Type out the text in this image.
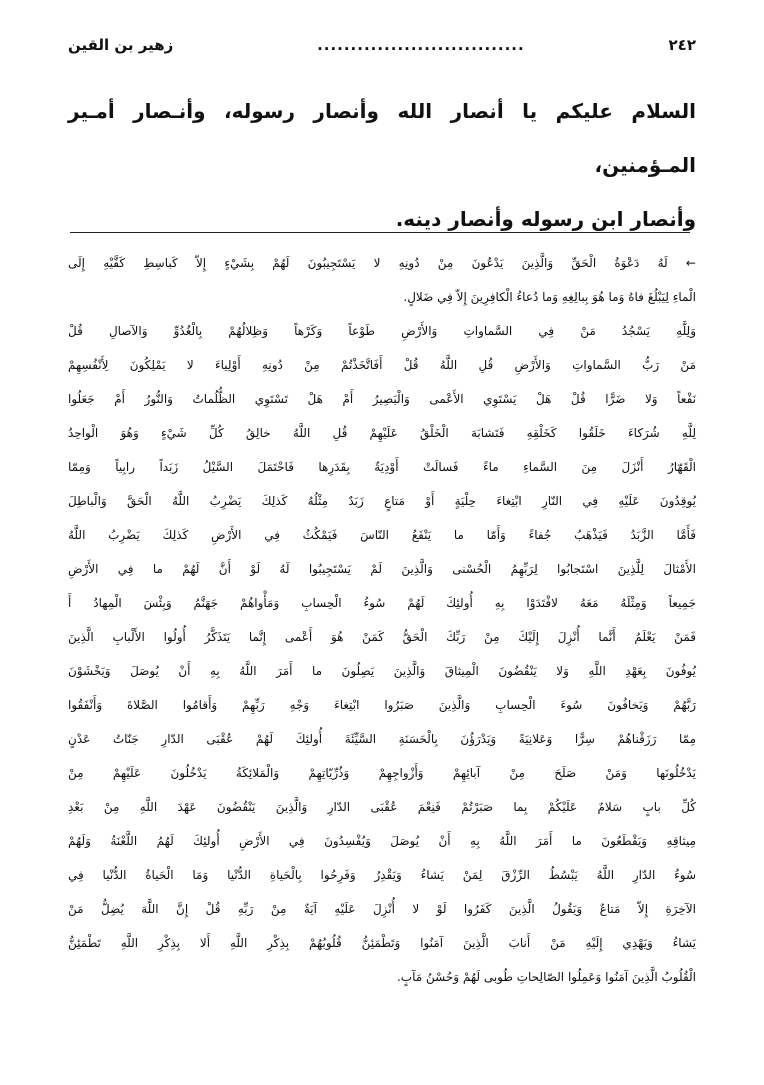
٢٤٢
...............................
زهير بن القين
السلام عليكم يا أنصار الله وأنصار رسوله، وأنـصار أمـير المـؤمنين،
وأنصار ابن رسوله وأنصار دينه.
← لَهُ دَعْوَةُ الْحَقِّ وَالَّذِينَ يَدْعُونَ مِنْ دُونِهِ لا يَسْتَجِيبُونَ لَهُمْ بِشَيْءٍ إِلاّ كَباسِطِ كَفَّيْهِ إِلَى
الْماءِ لِيَبْلُغَ فاهُ وَما هُوَ بِبالِغِهِ وَما دُعاءُ الْكافِرِينَ إِلاّ فِي ضَلالٍ.
وَلِلَّهِ يَسْجُدُ مَنْ فِي السَّماواتِ وَالأَرْضِ طَوْعاً وَكَرْهاً وَظِلالُهُمْ بِالْغُدُوِّ وَالآصالِ قُلْ
مَنْ رَبُّ السَّماواتِ وَالأَرْضِ قُلِ اللَّهُ قُلْ أَفَاتَّخَذْتُمْ مِنْ دُونِهِ أَوْلِياءَ لا يَمْلِكُونَ لِأَنْفُسِهِمْ
نَفْعاً وَلا ضَرًّا قُلْ هَلْ يَسْتَوِي الأَعْمى وَالْبَصِيرُ أَمْ هَلْ تَسْتَوِي الظُّلُماتُ وَالنُّورُ أَمْ جَعَلُوا
لِلَّهِ شُرَكاءَ خَلَقُوا كَخَلْقِهِ فَتَشابَهَ الْخَلْقُ عَلَيْهِمْ قُلِ اللَّهُ خالِقُ كُلِّ شَيْءٍ وَهُوَ الْواحِدُ
الْقَهّارُ أَنْزَلَ مِنَ السَّماءِ ماءً فَسالَتْ أَوْدِيَةٌ بِقَدَرِها فَاحْتَمَلَ السَّيْلُ زَبَداً رابِياً وَمِمّا
يُوقِدُونَ عَلَيْهِ فِي النّارِ ابْتِغاءَ حِلْيَةٍ أَوْ مَتاعٍ زَبَدٌ مِثْلُهُ كَذلِكَ يَضْرِبُ اللَّهُ الْحَقَّ وَالْباطِلَ
فَأَمَّا الزَّبَدُ فَيَذْهَبُ جُفاءً وَأَمّا ما يَنْفَعُ النّاسَ فَيَمْكُثُ فِي الأَرْضِ كَذلِكَ يَضْرِبُ اللَّهُ
الأَمْثالَ لِلَّذِينَ اسْتَجابُوا لِرَبِّهِمُ الْحُسْنى وَالَّذِينَ لَمْ يَسْتَجِيبُوا لَهُ لَوْ أَنَّ لَهُمْ ما فِي الأَرْضِ
جَمِيعاً وَمِثْلَهُ مَعَهُ لافْتَدَوْا بِهِ أُولئِكَ لَهُمْ سُوءُ الْحِسابِ وَمَأْواهُمْ جَهَنَّمُ وَبِئْسَ الْمِهادُ أَ
فَمَنْ يَعْلَمُ أَنَّما أُنْزِلَ إِلَيْكَ مِنْ رَبِّكَ الْحَقُّ كَمَنْ هُوَ أَعْمى إِنَّما يَتَذَكَّرُ أُولُوا الأَلْبابِ الَّذِينَ
يُوفُونَ بِعَهْدِ اللَّهِ وَلا يَنْقُضُونَ الْمِيثاقَ وَالَّذِينَ يَصِلُونَ ما أَمَرَ اللَّهُ بِهِ أَنْ يُوصَلَ وَيَخْشَوْنَ
رَبَّهُمْ وَيَخافُونَ سُوءَ الْحِسابِ وَالَّذِينَ صَبَرُوا ابْتِغاءَ وَجْهِ رَبِّهِمْ وَأَقامُوا الصَّلاةَ وَأَنْفَقُوا
مِمّا رَزَقْناهُمْ سِرًّا وَعَلانِيَةً وَيَدْرَؤُنَ بِالْحَسَنَةِ السَّيِّئَةَ أُولئِكَ لَهُمْ عُقْبَى الدّارِ جَنّاتُ عَدْنٍ
يَدْخُلُونَها وَمَنْ صَلَحَ مِنْ آبائِهِمْ وَأَزْواجِهِمْ وَذُرِّيّاتِهِمْ وَالْمَلائِكَةُ يَدْخُلُونَ عَلَيْهِمْ مِنْ
كُلِّ بابٍ سَلامٌ عَلَيْكُمْ بِما صَبَرْتُمْ فَنِعْمَ عُقْبَى الدّارِ وَالَّذِينَ يَنْقُضُونَ عَهْدَ اللَّهِ مِنْ بَعْدِ
مِيثاقِهِ وَيَقْطَعُونَ ما أَمَرَ اللَّهُ بِهِ أَنْ يُوصَلَ وَيُفْسِدُونَ فِي الأَرْضِ أُولئِكَ لَهُمُ اللَّعْنَةُ وَلَهُمْ
سُوءُ الدّارِ اللَّهُ يَبْسُطُ الرِّزْقَ لِمَنْ يَشاءُ وَيَقْدِرُ وَفَرِحُوا بِالْحَياةِ الدُّنْيا وَمَا الْحَياةُ الدُّنْيا فِي
الآخِرَةِ إِلاّ مَتاعٌ وَيَقُولُ الَّذِينَ كَفَرُوا لَوْ لا أُنْزِلَ عَلَيْهِ آيَةٌ مِنْ رَبِّهِ قُلْ إِنَّ اللَّهَ يُضِلُّ مَنْ
يَشاءُ وَيَهْدِي إِلَيْهِ مَنْ أَنابَ الَّذِينَ آمَنُوا وَتَطْمَئِنُّ قُلُوبُهُمْ بِذِكْرِ اللَّهِ أَلا بِذِكْرِ اللَّهِ تَطْمَئِنُّ
الْقُلُوبُ الَّذِينَ آمَنُوا وَعَمِلُوا الصّالِحاتِ طُوبى لَهُمْ وَحُسْنُ مَآبٍ.
